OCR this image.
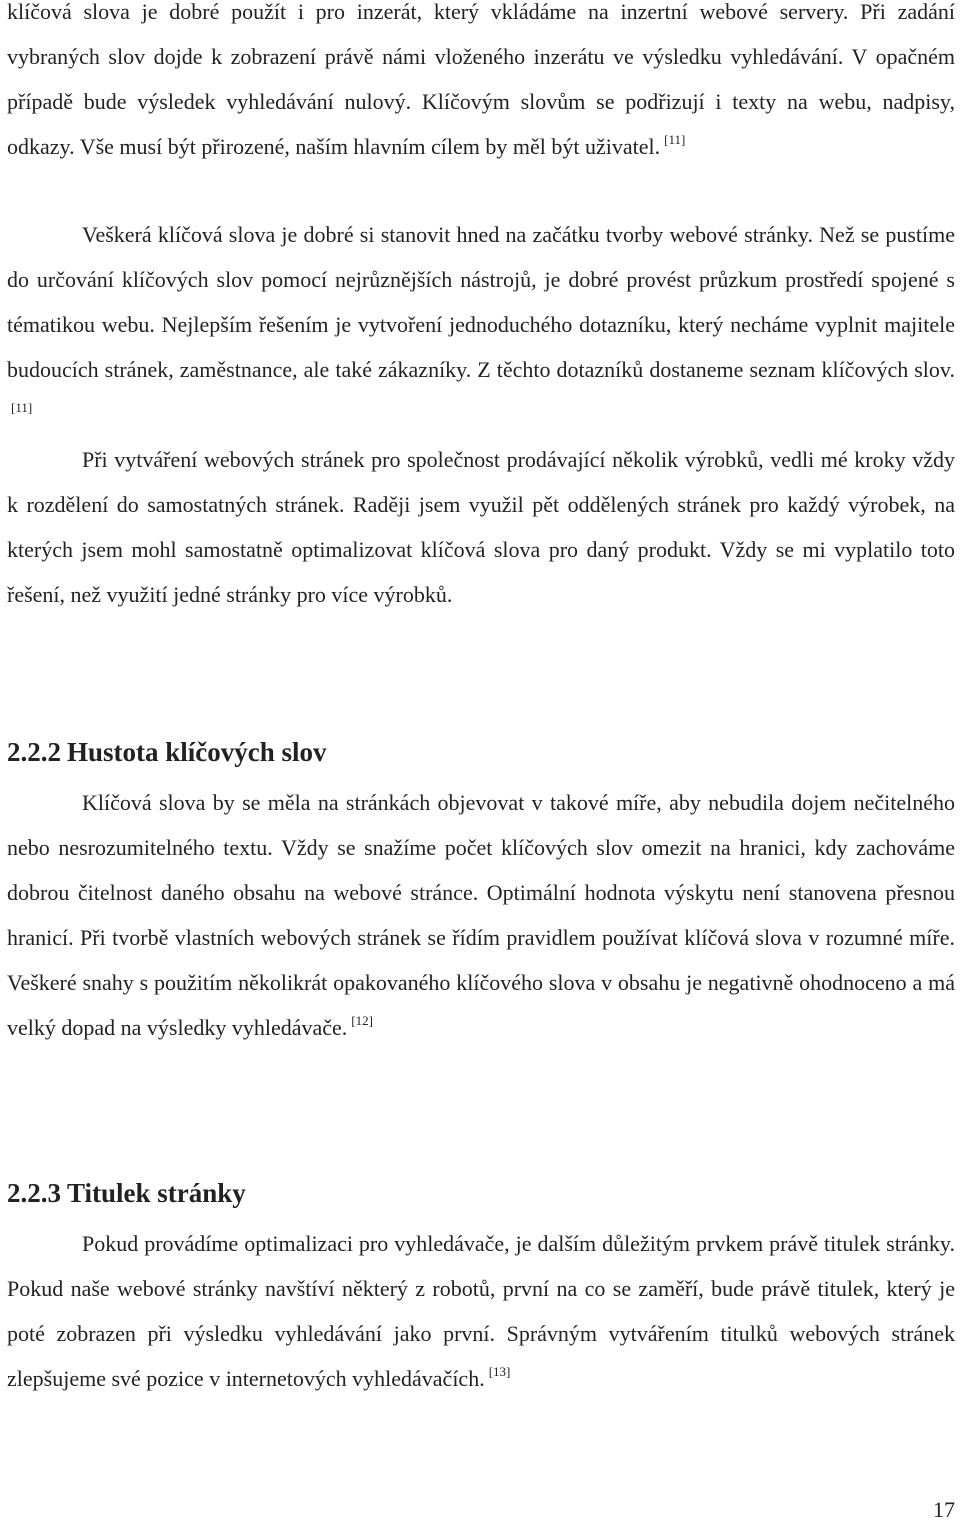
klíčová slova je dobré použít i pro inzerát, který vkládáme na inzertní webové servery. Při zadání vybraných slov dojde k zobrazení právě námi vloženého inzerátu ve výsledku vyhledávání. V opačném případě bude výsledek vyhledávání nulový. Klíčovým slovům se podřizují i texty na webu, nadpisy, odkazy. Vše musí být přirozené, naším hlavním cílem by měl být uživatel. [11]

Veškerá klíčová slova je dobré si stanovit hned na začátku tvorby webové stránky. Než se pustíme do určování klíčových slov pomocí nejrůznějších nástrojů, je dobré provést průzkum prostředí spojené s tématikou webu. Nejlepším řešením je vytvoření jednoduchého dotazníku, který necháme vyplnit majitele budoucích stránek, zaměstnance, ale také zákazníky. Z těchto dotazníků dostaneme seznam klíčových slov.[11]

Při vytváření webových stránek pro společnost prodávající několik výrobků, vedli mé kroky vždy k rozdělení do samostatných stránek. Raději jsem využil pět oddělených stránek pro každý výrobek, na kterých jsem mohl samostatně optimalizovat klíčová slova pro daný produkt. Vždy se mi vyplatilo toto řešení, než využití jedné stránky pro více výrobků.

2.2.2 Hustota klíčových slov

Klíčová slova by se měla na stránkách objevovat v takové míře, aby nebudila dojem nečitelného nebo nesrozumitelného textu. Vždy se snažíme počet klíčových slov omezit na hranici, kdy zachováme dobrou čitelnost daného obsahu na webové stránce. Optimální hodnota výskytu není stanovena přesnou hranicí. Při tvorbě vlastních webových stránek se řídím pravidlem používat klíčová slova v rozumné míře. Veškeré snahy s použitím několikrát opakovaného klíčového slova v obsahu je negativně ohodnoceno a má velký dopad na výsledky vyhledávače. [12]

2.2.3 Titulek stránky

Pokud provádíme optimalizaci pro vyhledávače, je dalším důležitým prvkem právě titulek stránky. Pokud naše webové stránky navštíví některý z robotů, první na co se zaměří, bude právě titulek, který je poté zobrazen při výsledku vyhledávání jako první. Správným vytvářením titulků webových stránek zlepšujeme své pozice v internetových vyhledávačích. [13]

17
